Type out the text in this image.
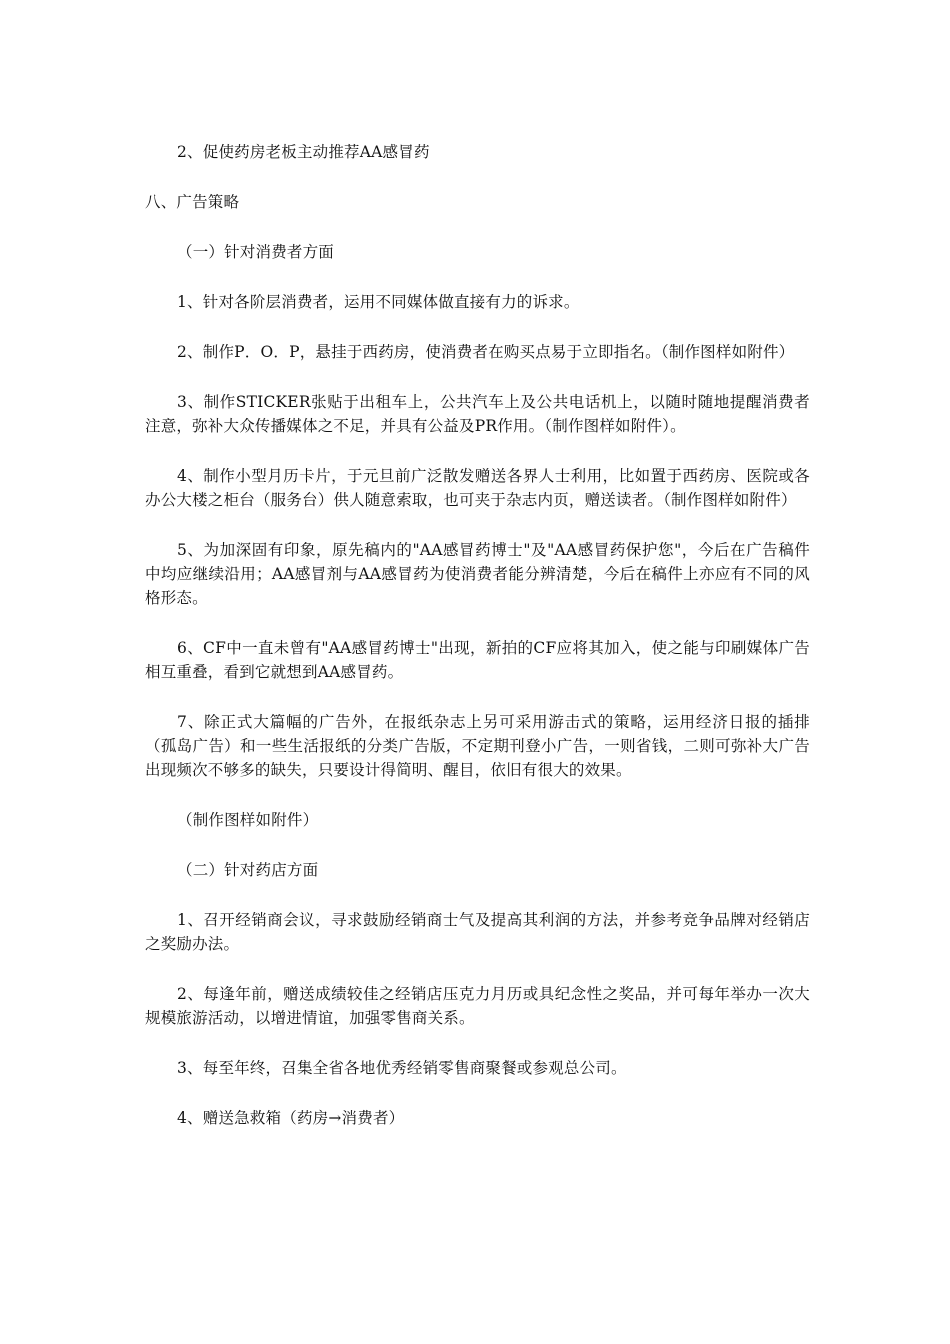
2、促使药房老板主动推荐AA感冒药

八、广告策略

（一）针对消费者方面

1、针对各阶层消费者，运用不同媒体做直接有力的诉求。

2、制作P．O．P，悬挂于西药房，使消费者在购买点易于立即指名。（制作图样如附件）

3、制作STICKER张贴于出租车上，公共汽车上及公共电话机上，以随时随地提醒消费者注意，弥补大众传播媒体之不足，并具有公益及PR作用。（制作图样如附件）。

4、制作小型月历卡片，于元旦前广泛散发赠送各界人士利用，比如置于西药房、医院或各办公大楼之柜台（服务台）供人随意索取，也可夹于杂志内页，赠送读者。（制作图样如附件）

5、为加深固有印象，原先稿内的"AA感冒药博士"及"AA感冒药保护您"，今后在广告稿件中均应继续沿用；AA感冒剂与AA感冒药为使消费者能分辨清楚，今后在稿件上亦应有不同的风格形态。

6、CF中一直未曾有"AA感冒药博士"出现，新拍的CF应将其加入，使之能与印刷媒体广告相互重叠，看到它就想到AA感冒药。

7、除正式大篇幅的广告外，在报纸杂志上另可采用游击式的策略，运用经济日报的插排（孤岛广告）和一些生活报纸的分类广告版，不定期刊登小广告，一则省钱，二则可弥补大广告出现频次不够多的缺失，只要设计得简明、醒目，依旧有很大的效果。

（制作图样如附件）

（二）针对药店方面

1、召开经销商会议，寻求鼓励经销商士气及提高其利润的方法，并参考竞争品牌对经销店之奖励办法。

2、每逢年前，赠送成绩较佳之经销店压克力月历或具纪念性之奖品，并可每年举办一次大规模旅游活动，以增进情谊，加强零售商关系。

3、每至年终，召集全省各地优秀经销零售商聚餐或参观总公司。

4、赠送急救箱（药房→消费者）
